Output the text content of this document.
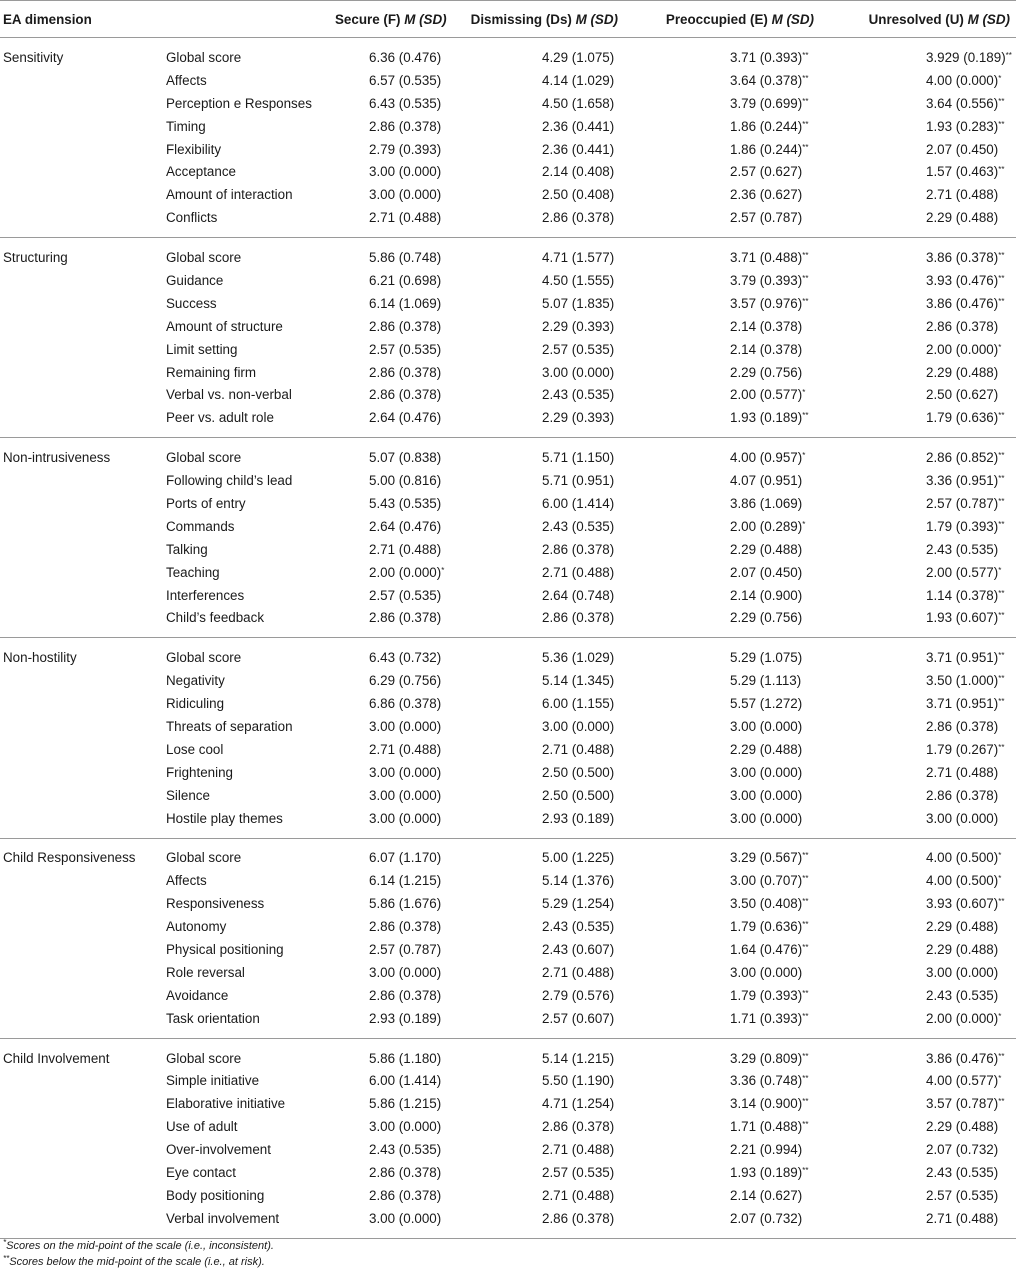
EA dimension		Secure (F) M (SD)	Dismissing (Ds) M (SD)	Preoccupied (E) M (SD)	Unresolved (U) M (SD)
Sensitivity	Global score	6.36 (0.476)	4.29 (1.075)	3.71 (0.393)**	3.929 (0.189)**
	Affects	6.57 (0.535)	4.14 (1.029)	3.64 (0.378)**	4.00 (0.000)*
	Perception e Responses	6.43 (0.535)	4.50 (1.658)	3.79 (0.699)**	3.64 (0.556)**
	Timing	2.86 (0.378)	2.36 (0.441)	1.86 (0.244)**	1.93 (0.283)**
	Flexibility	2.79 (0.393)	2.36 (0.441)	1.86 (0.244)**	2.07 (0.450)
	Acceptance	3.00 (0.000)	2.14 (0.408)	2.57 (0.627)	1.57 (0.463)**
	Amount of interaction	3.00 (0.000)	2.50 (0.408)	2.36 (0.627)	2.71 (0.488)
	Conflicts	2.71 (0.488)	2.86 (0.378)	2.57 (0.787)	2.29 (0.488)
Structuring	Global score	5.86 (0.748)	4.71 (1.577)	3.71 (0.488)**	3.86 (0.378)**
	Guidance	6.21 (0.698)	4.50 (1.555)	3.79 (0.393)**	3.93 (0.476)**
	Success	6.14 (1.069)	5.07 (1.835)	3.57 (0.976)**	3.86 (0.476)**
	Amount of structure	2.86 (0.378)	2.29 (0.393)	2.14 (0.378)	2.86 (0.378)
	Limit setting	2.57 (0.535)	2.57 (0.535)	2.14 (0.378)	2.00 (0.000)*
	Remaining firm	2.86 (0.378)	3.00 (0.000)	2.29 (0.756)	2.29 (0.488)
	Verbal vs. non-verbal	2.86 (0.378)	2.43 (0.535)	2.00 (0.577)*	2.50 (0.627)
	Peer vs. adult role	2.64 (0.476)	2.29 (0.393)	1.93 (0.189)**	1.79 (0.636)**
Non-intrusiveness	Global score	5.07 (0.838)	5.71 (1.150)	4.00 (0.957)*	2.86 (0.852)**
	Following child’s lead	5.00 (0.816)	5.71 (0.951)	4.07 (0.951)	3.36 (0.951)**
	Ports of entry	5.43 (0.535)	6.00 (1.414)	3.86 (1.069)	2.57 (0.787)**
	Commands	2.64 (0.476)	2.43 (0.535)	2.00 (0.289)*	1.79 (0.393)**
	Talking	2.71 (0.488)	2.86 (0.378)	2.29 (0.488)	2.43 (0.535)
	Teaching	2.00 (0.000)*	2.71 (0.488)	2.07 (0.450)	2.00 (0.577)*
	Interferences	2.57 (0.535)	2.64 (0.748)	2.14 (0.900)	1.14 (0.378)**
	Child’s feedback	2.86 (0.378)	2.86 (0.378)	2.29 (0.756)	1.93 (0.607)**
Non-hostility	Global score	6.43 (0.732)	5.36 (1.029)	5.29 (1.075)	3.71 (0.951)**
	Negativity	6.29 (0.756)	5.14 (1.345)	5.29 (1.113)	3.50 (1.000)**
	Ridiculing	6.86 (0.378)	6.00 (1.155)	5.57 (1.272)	3.71 (0.951)**
	Threats of separation	3.00 (0.000)	3.00 (0.000)	3.00 (0.000)	2.86 (0.378)
	Lose cool	2.71 (0.488)	2.71 (0.488)	2.29 (0.488)	1.79 (0.267)**
	Frightening	3.00 (0.000)	2.50 (0.500)	3.00 (0.000)	2.71 (0.488)
	Silence	3.00 (0.000)	2.50 (0.500)	3.00 (0.000)	2.86 (0.378)
	Hostile play themes	3.00 (0.000)	2.93 (0.189)	3.00 (0.000)	3.00 (0.000)
Child Responsiveness	Global score	6.07 (1.170)	5.00 (1.225)	3.29 (0.567)**	4.00 (0.500)*
	Affects	6.14 (1.215)	5.14 (1.376)	3.00 (0.707)**	4.00 (0.500)*
	Responsiveness	5.86 (1.676)	5.29 (1.254)	3.50 (0.408)**	3.93 (0.607)**
	Autonomy	2.86 (0.378)	2.43 (0.535)	1.79 (0.636)**	2.29 (0.488)
	Physical positioning	2.57 (0.787)	2.43 (0.607)	1.64 (0.476)**	2.29 (0.488)
	Role reversal	3.00 (0.000)	2.71 (0.488)	3.00 (0.000)	3.00 (0.000)
	Avoidance	2.86 (0.378)	2.79 (0.576)	1.79 (0.393)**	2.43 (0.535)
	Task orientation	2.93 (0.189)	2.57 (0.607)	1.71 (0.393)**	2.00 (0.000)*
Child Involvement	Global score	5.86 (1.180)	5.14 (1.215)	3.29 (0.809)**	3.86 (0.476)**
	Simple initiative	6.00 (1.414)	5.50 (1.190)	3.36 (0.748)**	4.00 (0.577)*
	Elaborative initiative	5.86 (1.215)	4.71 (1.254)	3.14 (0.900)**	3.57 (0.787)**
	Use of adult	3.00 (0.000)	2.86 (0.378)	1.71 (0.488)**	2.29 (0.488)
	Over-involvement	2.43 (0.535)	2.71 (0.488)	2.21 (0.994)	2.07 (0.732)
	Eye contact	2.86 (0.378)	2.57 (0.535)	1.93 (0.189)**	2.43 (0.535)
	Body positioning	2.86 (0.378)	2.71 (0.488)	2.14 (0.627)	2.57 (0.535)
	Verbal involvement	3.00 (0.000)	2.86 (0.378)	2.07 (0.732)	2.71 (0.488)
*Scores on the mid-point of the scale (i.e., inconsistent).
**Scores below the mid-point of the scale (i.e., at risk).
